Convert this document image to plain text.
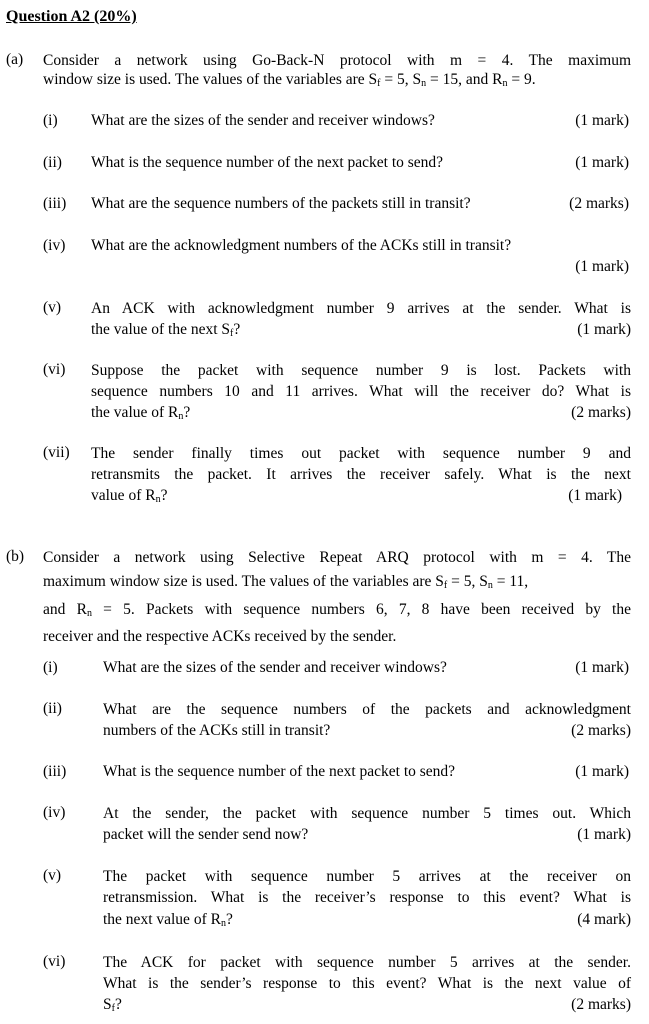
Question A2 (20%)
(a) Consider a network using Go-Back-N protocol with m = 4. The maximum
window size is used. The values of the variables are $S_f = 5$, $S_n = 15$, and $R_n = 9$.
(i) What are the sizes of the sender and receiver windows?	(1 mark)
(ii) What is the sequence number of the next packet to send?	(1 mark)
(iii) What are the sequence numbers of the packets still in transit?	(2 marks)
(iv) What are the acknowledgment numbers of the ACKs still in transit?
(1 mark)
(v) An ACK with acknowledgment number 9 arrives at the sender. What is
the value of the next $S_f$?	(1 mark)
(vi) Suppose the packet with sequence number 9 is lost. Packets with
sequence numbers 10 and 11 arrives. What will the receiver do? What is
the value of $R_n$?	(2 marks)
(vii) The sender finally times out packet with sequence number 9 and
retransmits the packet. It arrives the receiver safely. What is the next
value of $R_n$?	(1 mark)
(b) Consider a network using Selective Repeat ARQ protocol with m = 4. The
maximum window size is used. The values of the variables are $S_f = 5$, $S_n = 11$,
and $R_n = 5$. Packets with sequence numbers 6, 7, 8 have been received by the
receiver and the respective ACKs received by the sender.
(i)	What are the sizes of the sender and receiver windows?	(1 mark)
(ii)	What are the sequence numbers of the packets and acknowledgment
numbers of the ACKs still in transit?	(2 marks)
(iii) What is the sequence number of the next packet to send?	(1 mark)
(iv) At the sender, the packet with sequence number 5 times out. Which
packet will the sender send now?	(1 mark)
(v)	The packet with sequence number 5 arrives at the receiver on
retransmission. What is the receiver’s response to this event? What is
the next value of $R_n$?	(4 mark)
(vi) The ACK for packet with sequence number 5 arrives at the sender.
What is the sender’s response to this event? What is the next value of
$S_f$?	(2 marks)
